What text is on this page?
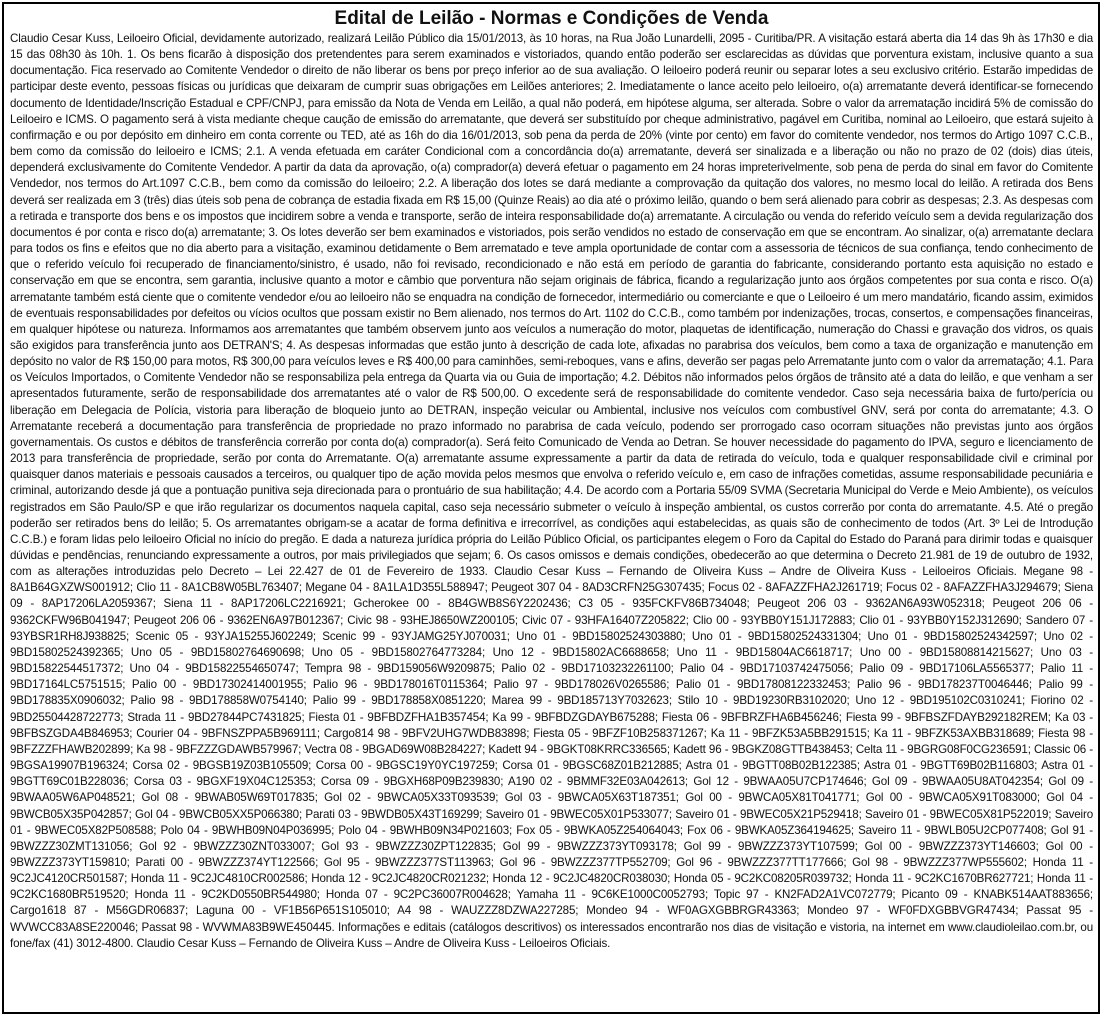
Edital de Leilão - Normas e Condições de Venda

Claudio Cesar Kuss, Leiloeiro Oficial, devidamente autorizado, realizará Leilão Público dia 15/01/2013, às 10 horas, na Rua João Lunardelli, 2095 - Curitiba/PR. A visitação estará aberta dia 14 das 9h às 17h30 e dia 15 das 08h30 às 10h. 1. Os bens ficarão à disposição dos pretendentes para serem examinados e vistoriados, quando então poderão ser esclarecidas as dúvidas que porventura existam, inclusive quanto a sua documentação. Fica reservado ao Comitente Vendedor o direito de não liberar os bens por preço inferior ao de sua avaliação. O leiloeiro poderá reunir ou separar lotes a seu exclusivo critério. Estarão impedidas de participar deste evento, pessoas físicas ou jurídicas que deixaram de cumprir suas obrigações em Leilões anteriores; 2. Imediatamente o lance aceito pelo leiloeiro, o(a) arrematante deverá identificar-se fornecendo documento de Identidade/Inscrição Estadual e CPF/CNPJ, para emissão da Nota de Venda em Leilão, a qual não poderá, em hipótese alguma, ser alterada. Sobre o valor da arrematação incidirá 5% de comissão do Leiloeiro e ICMS. O pagamento será à vista mediante cheque caução de emissão do arrematante, que deverá ser substituído por cheque administrativo, pagável em Curitiba, nominal ao Leiloeiro, que estará sujeito à confirmação e ou por depósito em dinheiro em conta corrente ou TED, até as 16h do dia 16/01/2013, sob pena da perda de 20% (vinte por cento) em favor do comitente vendedor, nos termos do Artigo 1097 C.C.B., bem como da comissão do leiloeiro e ICMS; 2.1. A venda efetuada em caráter Condicional com a concordância do(a) arrematante, deverá ser sinalizada e a liberação ou não no prazo de 02 (dois) dias úteis, dependerá exclusivamente do Comitente Vendedor. A partir da data da aprovação, o(a) comprador(a) deverá efetuar o pagamento em 24 horas impreterivelmente, sob pena de perda do sinal em favor do Comitente Vendedor, nos termos do Art.1097 C.C.B., bem como da comissão do leiloeiro; 2.2. A liberação dos lotes se dará mediante a comprovação da quitação dos valores, no mesmo local do leilão. A retirada dos Bens deverá ser realizada em 3 (três) dias úteis sob pena de cobrança de estadia fixada em R$ 15,00 (Quinze Reais) ao dia até o próximo leilão, quando o bem será alienado para cobrir as despesas; 2.3. As despesas com a retirada e transporte dos bens e os impostos que incidirem sobre a venda e transporte, serão de inteira responsabilidade do(a) arrematante. A circulação ou venda do referido veículo sem a devida regularização dos documentos é por conta e risco do(a) arrematante; 3. Os lotes deverão ser bem examinados e vistoriados, pois serão vendidos no estado de conservação em que se encontram. Ao sinalizar, o(a) arrematante declara para todos os fins e efeitos que no dia aberto para a visitação, examinou detidamente o Bem arrematado e teve ampla oportunidade de contar com a assessoria de técnicos de sua confiança, tendo conhecimento de que o referido veículo foi recuperado de financiamento/sinistro, é usado, não foi revisado, recondicionado e não está em período de garantia do fabricante, considerando portanto esta aquisição no estado e conservação em que se encontra, sem garantia, inclusive quanto a motor e câmbio que porventura não sejam originais de fábrica, ficando a regularização junto aos órgãos competentes por sua conta e risco. O(a) arrematante também está ciente que o comitente vendedor e/ou ao leiloeiro não se enquadra na condição de fornecedor, intermediário ou comerciante e que o Leiloeiro é um mero mandatário, ficando assim, eximidos de eventuais responsabilidades por defeitos ou vícios ocultos que possam existir no Bem alienado, nos termos do Art. 1102 do C.C.B., como também por indenizações, trocas, consertos, e compensações financeiras, em qualquer hipótese ou natureza. Informamos aos arrematantes que também observem junto aos veículos a numeração do motor, plaquetas de identificação, numeração do Chassi e gravação dos vidros, os quais são exigidos para transferência junto aos DETRAN'S; 4. As despesas informadas que estão junto à descrição de cada lote, afixadas no parabrisa dos veículos, bem como a taxa de organização e manutenção em depósito no valor de R$ 150,00 para motos, R$ 300,00 para veículos leves e R$ 400,00 para caminhões, semi-reboques, vans e afins, deverão ser pagas pelo Arrematante junto com o valor da arrematação; 4.1. Para os Veículos Importados, o Comitente Vendedor não se responsabiliza pela entrega da Quarta via ou Guia de importação; 4.2. Débitos não informados pelos órgãos de trânsito até a data do leilão, e que venham a ser apresentados futuramente, serão de responsabilidade dos arrematantes até o valor de R$ 500,00. O excedente será de responsabilidade do comitente vendedor. Caso seja necessária baixa de furto/perícia ou liberação em Delegacia de Polícia, vistoria para liberação de bloqueio junto ao DETRAN, inspeção veicular ou Ambiental, inclusive nos veículos com combustível GNV, será por conta do arrematante; 4.3. O Arrematante receberá a documentação para transferência de propriedade no prazo informado no parabrisa de cada veículo, podendo ser prorrogado caso ocorram situações não previstas junto aos órgãos governamentais. Os custos e débitos de transferência correrão por conta do(a) comprador(a). Será feito Comunicado de Venda ao Detran. Se houver necessidade do pagamento do IPVA, seguro e licenciamento de 2013 para transferência de propriedade, serão por conta do Arrematante. O(a) arrematante assume expressamente a partir da data de retirada do veículo, toda e qualquer responsabilidade civil e criminal por quaisquer danos materiais e pessoais causados a terceiros, ou qualquer tipo de ação movida pelos mesmos que envolva o referido veículo e, em caso de infrações cometidas, assume responsabilidade pecuniária e criminal, autorizando desde já que a pontuação punitiva seja direcionada para o prontuário de sua habilitação; 4.4. De acordo com a Portaria 55/09 SVMA (Secretaria Municipal do Verde e Meio Ambiente), os veículos registrados em São Paulo/SP e que irão regularizar os documentos naquela capital, caso seja necessário submeter o veículo à inspeção ambiental, os custos correrão por conta do arrematante. 4.5. Até o pregão poderão ser retirados bens do leilão; 5. Os arrematantes obrigam-se a acatar de forma definitiva e irrecorrível, as condições aqui estabelecidas, as quais são de conhecimento de todos (Art. 3º Lei de Introdução C.C.B.) e foram lidas pelo leiloeiro Oficial no início do pregão. E dada a natureza jurídica própria do Leilão Público Oficial, os participantes elegem o Foro da Capital do Estado do Paraná para dirimir todas e quaisquer dúvidas e pendências, renunciando expressamente a outros, por mais privilegiados que sejam; 6. Os casos omissos e demais condições, obedecerão ao que determina o Decreto 21.981 de 19 de outubro de 1932, com as alterações introduzidas pelo Decreto – Lei 22.427 de 01 de Fevereiro de 1933. Claudio Cesar Kuss – Fernando de Oliveira Kuss – Andre de Oliveira Kuss - Leiloeiros Oficiais. Megane 98 - 8A1B64GXZWS001912; Clio 11 - 8A1CB8W05BL763407; Megane 04 - 8A1LA1D355L588947; Peugeot 307 04 - 8AD3CRFN25G307435; Focus 02 - 8AFAZZFHA2J261719; Focus 02 - 8AFAZZFHA3J294679; Siena 09 - 8AP17206LA2059367; Siena 11 - 8AP17206LC2216921; Gcherokee 00 - 8B4GWB8S6Y2202436; C3 05 - 935FCKFV86B734048; Peugeot 206 03 - 9362AN6A93W052318; Peugeot 206 06 - 9362CKFW96B041947; Peugeot 206 06 - 9362EN6A97B012367; Civic 98 - 93HEJ8650WZ200105; Civic 07 - 93HFA16407Z205822; Clio 00 - 93YBB0Y151J172883; Clio 01 - 93YBB0Y152J312690; Sandero 07 - 93YBSR1RH8J938825; Scenic 05 - 93YJA15255J602249; Scenic 99 - 93YJAMG25YJ070031; Uno 01 - 9BD15802524303880; Uno 01 - 9BD15802524331304; Uno 01 - 9BD15802524342597; Uno 02 - 9BD15802524392365; Uno 05 - 9BD15802764690698; Uno 05 - 9BD15802764773284; Uno 12 - 9BD15802AC6688658; Uno 11 - 9BD15804AC6618717; Uno 00 - 9BD15808814215627; Uno 03 - 9BD15822544517372; Uno 04 - 9BD15822554650747; Tempra 98 - 9BD159056W9209875; Palio 02 - 9BD17103232261100; Palio 04 - 9BD17103742475056; Palio 09 - 9BD17106LA5565377; Palio 11 - 9BD17164LC5751515; Palio 00 - 9BD17302414001955; Palio 96 - 9BD178016T0115364; Palio 97 - 9BD178026V0265586; Palio 01 - 9BD17808122332453; Palio 96 - 9BD178237T0046446; Palio 99 - 9BD178835X0906032; Palio 98 - 9BD178858W0754140; Palio 99 - 9BD178858X0851220; Marea 99 - 9BD185713Y7032623; Stilo 10 - 9BD19230RB3102020; Uno 12 - 9BD195102C0310241; Fiorino 02 - 9BD25504428722773; Strada 11 - 9BD27844PC7431825; Fiesta 01 - 9BFBDZFHA1B357454; Ka 99 - 9BFBDZGDAYB675288; Fiesta 06 - 9BFBRZFHA6B456246; Fiesta 99 - 9BFBSZFDAYB292182REM; Ka 03 - 9BFBSZGDA4B846953; Courier 04 - 9BFNSZPPA5B969111; Cargo814 98 - 9BFV2UHG7WDB83898; Fiesta 05 - 9BFZF10B258371267; Ka 11 - 9BFZK53A5BB291515; Ka 11 - 9BFZK53AXBB318689; Fiesta 98 - 9BFZZZFHAWB202899; Ka 98 - 9BFZZZGDAWB579967; Vectra 08 - 9BGAD69W08B284227; Kadett 94 - 9BGKT08KRRC336565; Kadett 96 - 9BGKZ08GTTB438453; Celta 11 - 9BGRG08F0CG236591; Classic 06 - 9BGSA19907B196324; Corsa 02 - 9BGSB19Z03B105509; Corsa 00 - 9BGSC19Y0YC197259; Corsa 01 - 9BGSC68Z01B212885; Astra 01 - 9BGTT08B02B122385; Astra 01 - 9BGTT69B02B116803; Astra 01 - 9BGTT69C01B228036; Corsa 03 - 9BGXF19X04C125353; Corsa 09 - 9BGXH68P09B239830; A190 02 - 9BMMF32E03A042613; Gol 12 - 9BWAA05U7CP174646; Gol 09 - 9BWAA05U8AT042354; Gol 09 - 9BWAA05W6AP048521; Gol 08 - 9BWAB05W69T017835; Gol 02 - 9BWCA05X33T093539; Gol 03 - 9BWCA05X63T187351; Gol 00 - 9BWCA05X81T041771; Gol 00 - 9BWCA05X91T083000; Gol 04 - 9BWCB05X35P042857; Gol 04 - 9BWCB05XX5P066380; Parati 03 - 9BWDB05X43T169299; Saveiro 01 - 9BWEC05X01P533077; Saveiro 01 - 9BWEC05X21P529418; Saveiro 01 - 9BWEC05X81P522019; Saveiro 01 - 9BWEC05X82P508588; Polo 04 - 9BWHB09N04P036995; Polo 04 - 9BWHB09N34P021603; Fox 05 - 9BWKA05Z254064043; Fox 06 - 9BWKA05Z364194625; Saveiro 11 - 9BWLB05U2CP077408; Gol 91 - 9BWZZZ30ZMT131056; Gol 92 - 9BWZZZ30ZNT033007; Gol 93 - 9BWZZZ30ZPT122835; Gol 99 - 9BWZZZ373YT093178; Gol 99 - 9BWZZZ373YT107599; Gol 00 - 9BWZZZ373YT146603; Gol 00 - 9BWZZZ373YT159810; Parati 00 - 9BWZZZ374YT122566; Gol 95 - 9BWZZZ377ST113963; Gol 96 - 9BWZZZ377TP552709; Gol 96 - 9BWZZZ377TT177666; Gol 98 - 9BWZZZ377WP555602; Honda 11 - 9C2JC4120CR501587; Honda 11 - 9C2JC4810CR002586; Honda 12 - 9C2JC4820CR021232; Honda 12 - 9C2JC4820CR038030; Honda 05 - 9C2KC08205R039732; Honda 11 - 9C2KC1670BR627721; Honda 11 - 9C2KC1680BR519520; Honda 11 - 9C2KD0550BR544980; Honda 07 - 9C2PC36007R004628; Yamaha 11 - 9C6KE1000C0052793; Topic 97 - KN2FAD2A1VC072779; Picanto 09 - KNABK514AAT883656; Cargo1618 87 - M56GDR06837; Laguna 00 - VF1B56P651S105010; A4 98 - WAUZZZ8DZWA227285; Mondeo 94 - WF0AGXGBBRGR43363; Mondeo 97 - WF0FDXGBBVGR47434; Passat 95 - WVWCC83A8SE220046; Passat 98 - WVWMA83B9WE450445. Informações e editais (catálogos descritivos) os interessados encontrarão nos dias de visitação e vistoria, na internet em www.claudioleilao.com.br, ou fone/fax (41) 3012-4800. Claudio Cesar Kuss – Fernando de Oliveira Kuss – Andre de Oliveira Kuss - Leiloeiros Oficiais.
